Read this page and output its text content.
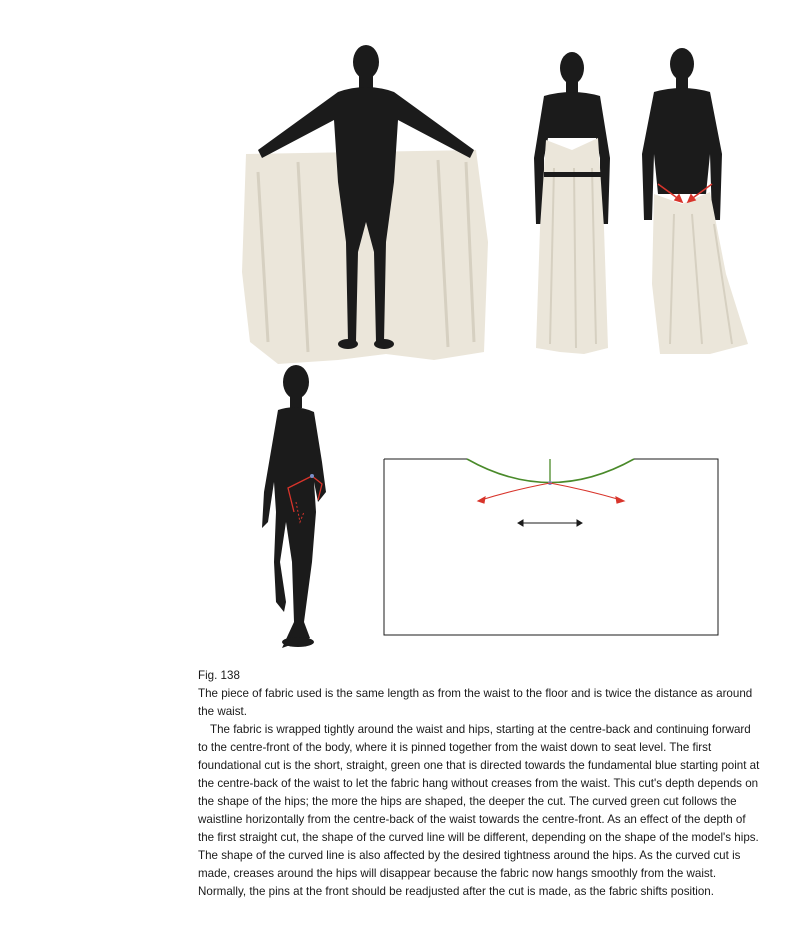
Fig. 138

The piece of fabric used is the same length as from the waist to the floor and is twice the distance as around the waist.

The fabric is wrapped tightly around the waist and hips, starting at the centre-back and continuing forward to the centre-front of the body, where it is pinned together from the waist down to seat level. The first foundational cut is the short, straight, green one that is directed towards the fundamental blue starting point at the centre-back of the waist to let the fabric hang without creases from the waist. This cut's depth depends on the shape of the hips; the more the hips are shaped, the deeper the cut. The curved green cut follows the waistline horizontally from the centre-back of the waist towards the centre-front. As an effect of the depth of the first straight cut, the shape of the curved line will be different, depending on the shape of the model's hips. The shape of the curved line is also affected by the desired tightness around the hips. As the curved cut is made, creases around the hips will disappear because the fabric now hangs smoothly from the waist. Normally, the pins at the front should be readjusted after the cut is made, as the fabric shifts position.
